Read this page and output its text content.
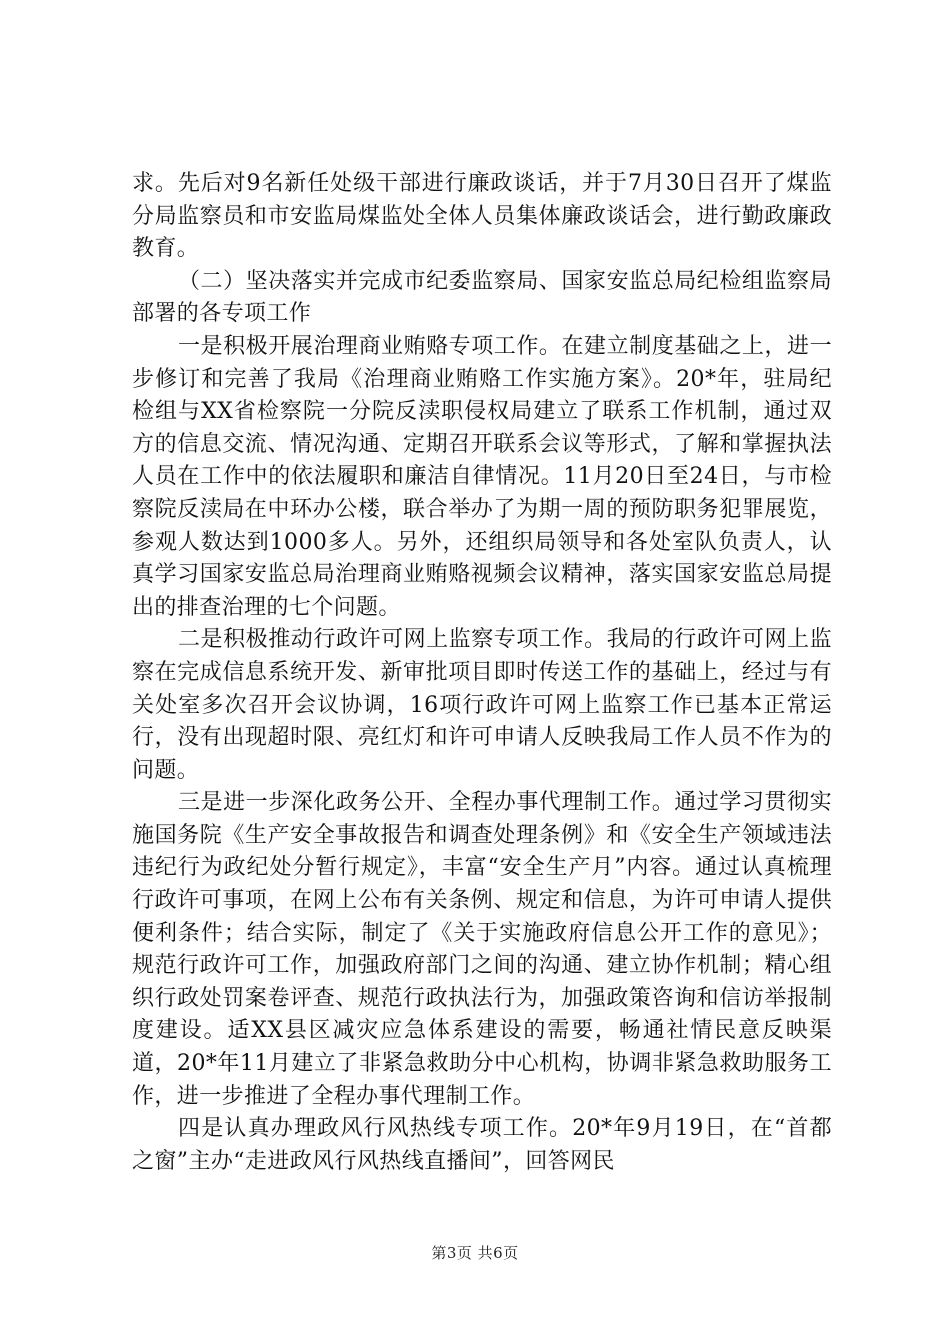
求。先后对9名新任处级干部进行廉政谈话，并于7月30日召开了煤监分局监察员和市安监局煤监处全体人员集体廉政谈话会，进行勤政廉政教育。

（二）坚决落实并完成市纪委监察局、国家安监总局纪检组监察局部署的各专项工作

一是积极开展治理商业贿赂专项工作。在建立制度基础之上，进一步修订和完善了我局《治理商业贿赂工作实施方案》。20*年，驻局纪检组与XX省检察院一分院反渎职侵权局建立了联系工作机制，通过双方的信息交流、情况沟通、定期召开联系会议等形式，了解和掌握执法人员在工作中的依法履职和廉洁自律情况。11月20日至24日，与市检察院反渎局在中环办公楼，联合举办了为期一周的预防职务犯罪展览，参观人数达到1000多人。另外，还组织局领导和各处室队负责人，认真学习国家安监总局治理商业贿赂视频会议精神，落实国家安监总局提出的排查治理的七个问题。

二是积极推动行政许可网上监察专项工作。我局的行政许可网上监察在完成信息系统开发、新审批项目即时传送工作的基础上，经过与有关处室多次召开会议协调，16项行政许可网上监察工作已基本正常运行，没有出现超时限、亮红灯和许可申请人反映我局工作人员不作为的问题。

三是进一步深化政务公开、全程办事代理制工作。通过学习贯彻实施国务院《生产安全事故报告和调查处理条例》和《安全生产领域违法违纪行为政纪处分暂行规定》，丰富“安全生产月”内容。通过认真梳理行政许可事项，在网上公布有关条例、规定和信息，为许可申请人提供便利条件；结合实际，制定了《关于实施政府信息公开工作的意见》；规范行政许可工作，加强政府部门之间的沟通、建立协作机制；精心组织行政处罚案卷评查、规范行政执法行为，加强政策咨询和信访举报制度建设。适XX县区减灾应急体系建设的需要，畅通社情民意反映渠道，20*年11月建立了非紧急救助分中心机构，协调非紧急救助服务工作，进一步推进了全程办事代理制工作。

四是认真办理政风行风热线专项工作。20*年9月19日，在“首都之窗”主办“走进政风行风热线直播间”，回答网民

第3页 共6页
